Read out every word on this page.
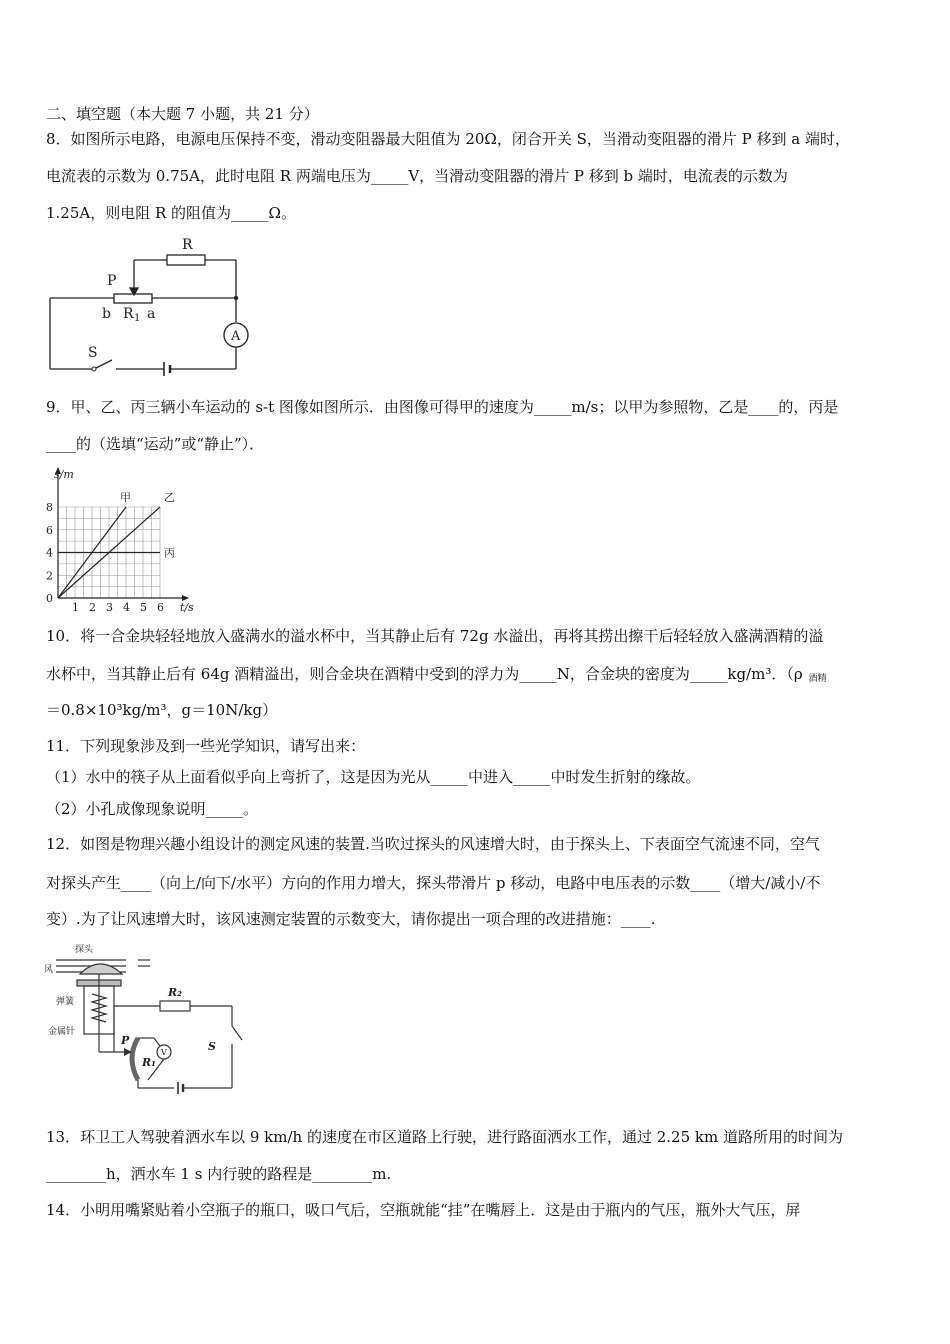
二、填空题（本大题 7 小题，共 21 分）
8．如图所示电路，电源电压保持不变，滑动变阻器最大阻值为 20Ω，闭合开关 S，当滑动变阻器的滑片 P 移到 a 端时，
电流表的示数为 0.75A，此时电阻 R 两端电压为_____V，当滑动变阻器的滑片 P 移到 b 端时，电流表的示数为
1.25A，则电阻 R 的阻值为_____Ω。
R
P
b R 1 a
A
S
9．甲、乙、丙三辆小车运动的 s-t 图像如图所示．由图像可得甲的速度为_____m/s；以甲为参照物，乙是____的，丙是
____的（选填“运动”或“静止”）．
1 2 3 4 5 6
0
2
4
6
8
s/m
t/s
甲	乙
丙
10．将一合金块轻轻地放入盛满水的溢水杯中，当其静止后有 72g 水溢出，再将其捞出擦干后轻轻放入盛满酒精的溢
水杯中，当其静止后有 64g 酒精溢出，则合金块在酒精中受到的浮力为_____N，合金块的密度为_____kg/m³．（ρ 酒精
＝0.8×10³kg/m³，g＝10N/kg）
11．下列现象涉及到一些光学知识，请写出来：
（1）水中的筷子从上面看似乎向上弯折了，这是因为光从_____中进入_____中时发生折射的缘故。
（2）小孔成像现象说明_____。
12．如图是物理兴趣小组设计的测定风速的装置.当吹过探头的风速增大时，由于探头上、下表面空气流速不同，空气
对探头产生____（向上/向下/水平）方向的作用力增大，探头带滑片 p 移动，电路中电压表的示数____（增大/减小/不
变）.为了让风速增大时，该风速测定装置的示数变大，请你提出一项合理的改进措施：____.
探头
风
弹簧
金属针
R₂
P
R₁
S
V
13．环卫工人驾驶着洒水车以 9 km/h 的速度在市区道路上行驶，进行路面洒水工作，通过 2.25 km 道路所用的时间为
________h，洒水车 1 s 内行驶的路程是________m.
14．小明用嘴紧贴着小空瓶子的瓶口，吸口气后，空瓶就能“挂”在嘴唇上．这是由于瓶内的气压，瓶外大气压，屏
